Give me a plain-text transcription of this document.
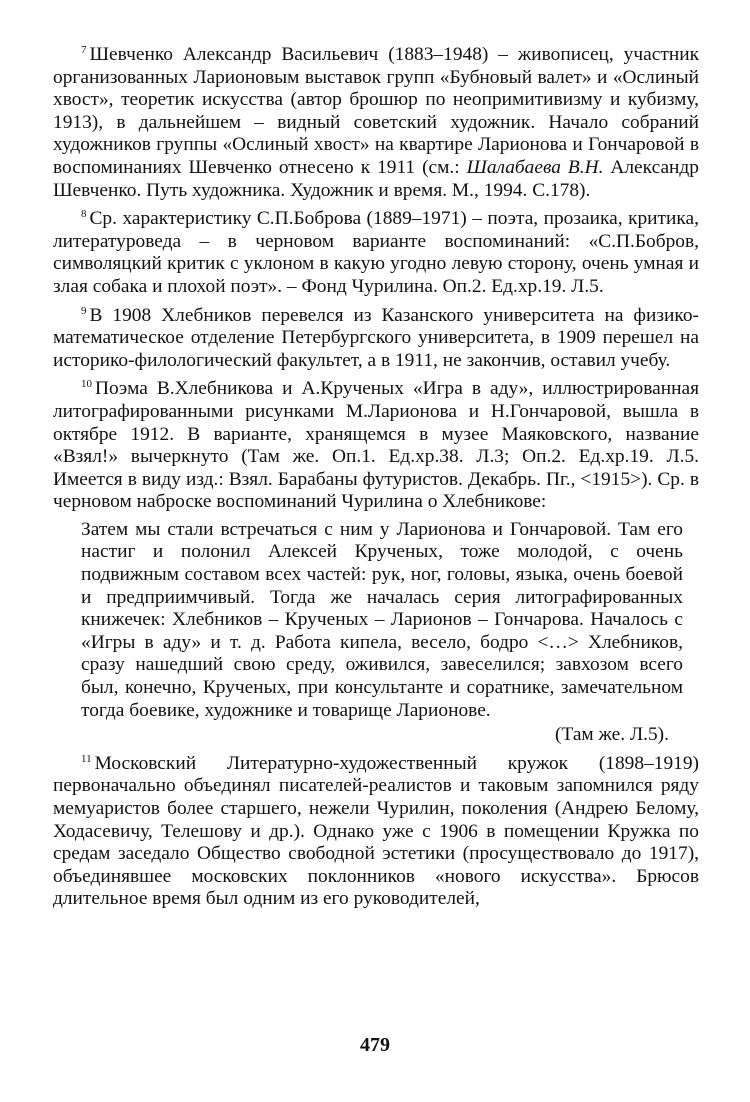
$^7$ Шевченко Александр Васильевич (1883–1948) – живописец, участник организованных Ларионовым выставок групп «Бубновый валет» и «Ослиный хвост», теоретик искусства (автор брошюр по неопримитивизму и кубизму, 1913), в дальнейшем – видный советский художник. Начало собраний художников группы «Ослиный хвост» на квартире Ларионова и Гончаровой в воспоминаниях Шевченко отнесено к 1911 (см.: Шалабаева В.Н. Александр Шевченко. Путь художника. Художник и время. М., 1994. С.178).

$^8$ Ср. характеристику С.П.Боброва (1889–1971) – поэта, прозаика, критика, литературоведа – в черновом варианте воспоминаний: «С.П.Бобров, символяцкий критик с уклоном в какую угодно левую сторону, очень умная и злая собака и плохой поэт». – Фонд Чурилина. Оп.2. Ед.хр.19. Л.5.

$^9$ В 1908 Хлебников перевелся из Казанского университета на физико-математическое отделение Петербургского университета, в 1909 перешел на историко-филологический факультет, а в 1911, не закончив, оставил учебу.

$^{10}$ Поэма В.Хлебникова и А.Крученых «Игра в аду», иллюстрированная литографированными рисунками М.Ларионова и Н.Гончаровой, вышла в октябре 1912. В варианте, хранящемся в музее Маяковского, название «Взял!» вычеркнуто (Там же. Оп.1. Ед.хр.38. Л.3; Оп.2. Ед.хр.19. Л.5. Имеется в виду изд.: Взял. Барабаны футуристов. Декабрь. Пг., <1915>). Ср. в черновом наброске воспоминаний Чурилина о Хлебникове:

Затем мы стали встречаться с ним у Ларионова и Гончаровой. Там его настиг и полонил Алексей Крученых, тоже молодой, с очень подвижным составом всех частей: рук, ног, головы, языка, очень боевой и предприимчивый. Тогда же началась серия литографированных книжечек: Хлебников – Крученых – Ларионов – Гончарова. Началось с «Игры в аду» и т. д. Работа кипела, весело, бодро <…> Хлебников, сразу нашедший свою среду, оживился, завеселился; завхозом всего был, конечно, Крученых, при консультанте и соратнике, замечательном тогда боевике, художнике и товарище Ларионове.

(Там же. Л.5).

$^{11}$ Московский Литературно-художественный кружок (1898–1919) первоначально объединял писателей-реалистов и таковым запомнился ряду мемуаристов более старшего, нежели Чурилин, поколения (Андрею Белому, Ходасевичу, Телешову и др.). Однако уже с 1906 в помещении Кружка по средам заседало Общество свободной эстетики (просуществовало до 1917), объединявшее московских поклонников «нового искусства». Брюсов длительное время был одним из его руководителей,

479
